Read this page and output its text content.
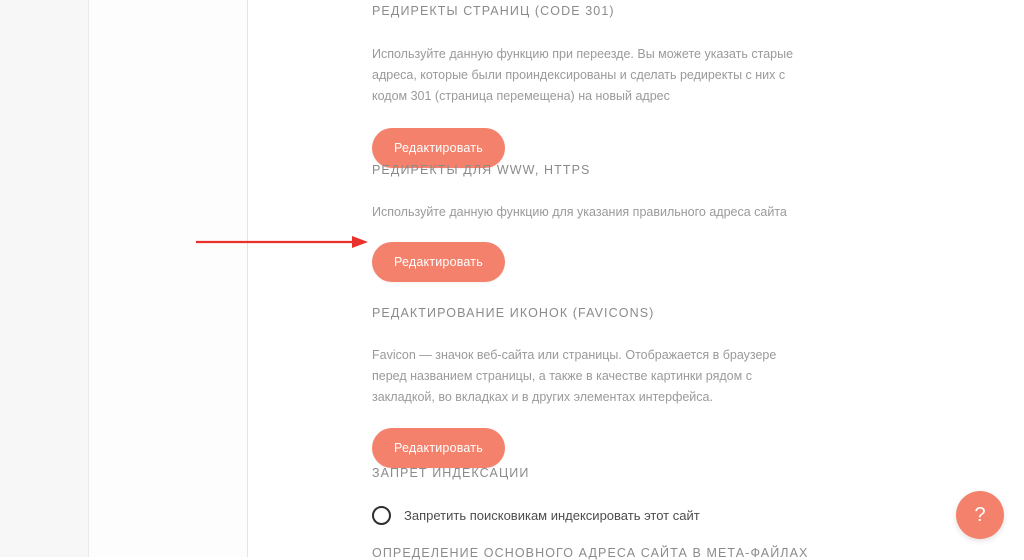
РЕДИРЕКТЫ СТРАНИЦ (CODE 301)
Используйте данную функцию при переезде. Вы можете указать старые адреса, которые были проиндексированы и сделать редиректы с них с кодом 301 (страница перемещена) на новый адрес
Редактировать
РЕДИРЕКТЫ ДЛЯ WWW, HTTPS
Используйте данную функцию для указания правильного адреса сайта
Редактировать
РЕДАКТИРОВАНИЕ ИКОНОК (FAVICONS)
Favicon — значок веб-сайта или страницы. Отображается в браузере перед названием страницы, а также в качестве картинки рядом с закладкой, во вкладках и в других элементах интерфейса.
Редактировать
ЗАПРЕТ ИНДЕКСАЦИИ
Запретить поисковикам индексировать этот сайт
ОПРЕДЕЛЕНИЕ ОСНОВНОГО АДРЕСА САЙТА В МЕТА-ФАЙЛАХ
?
